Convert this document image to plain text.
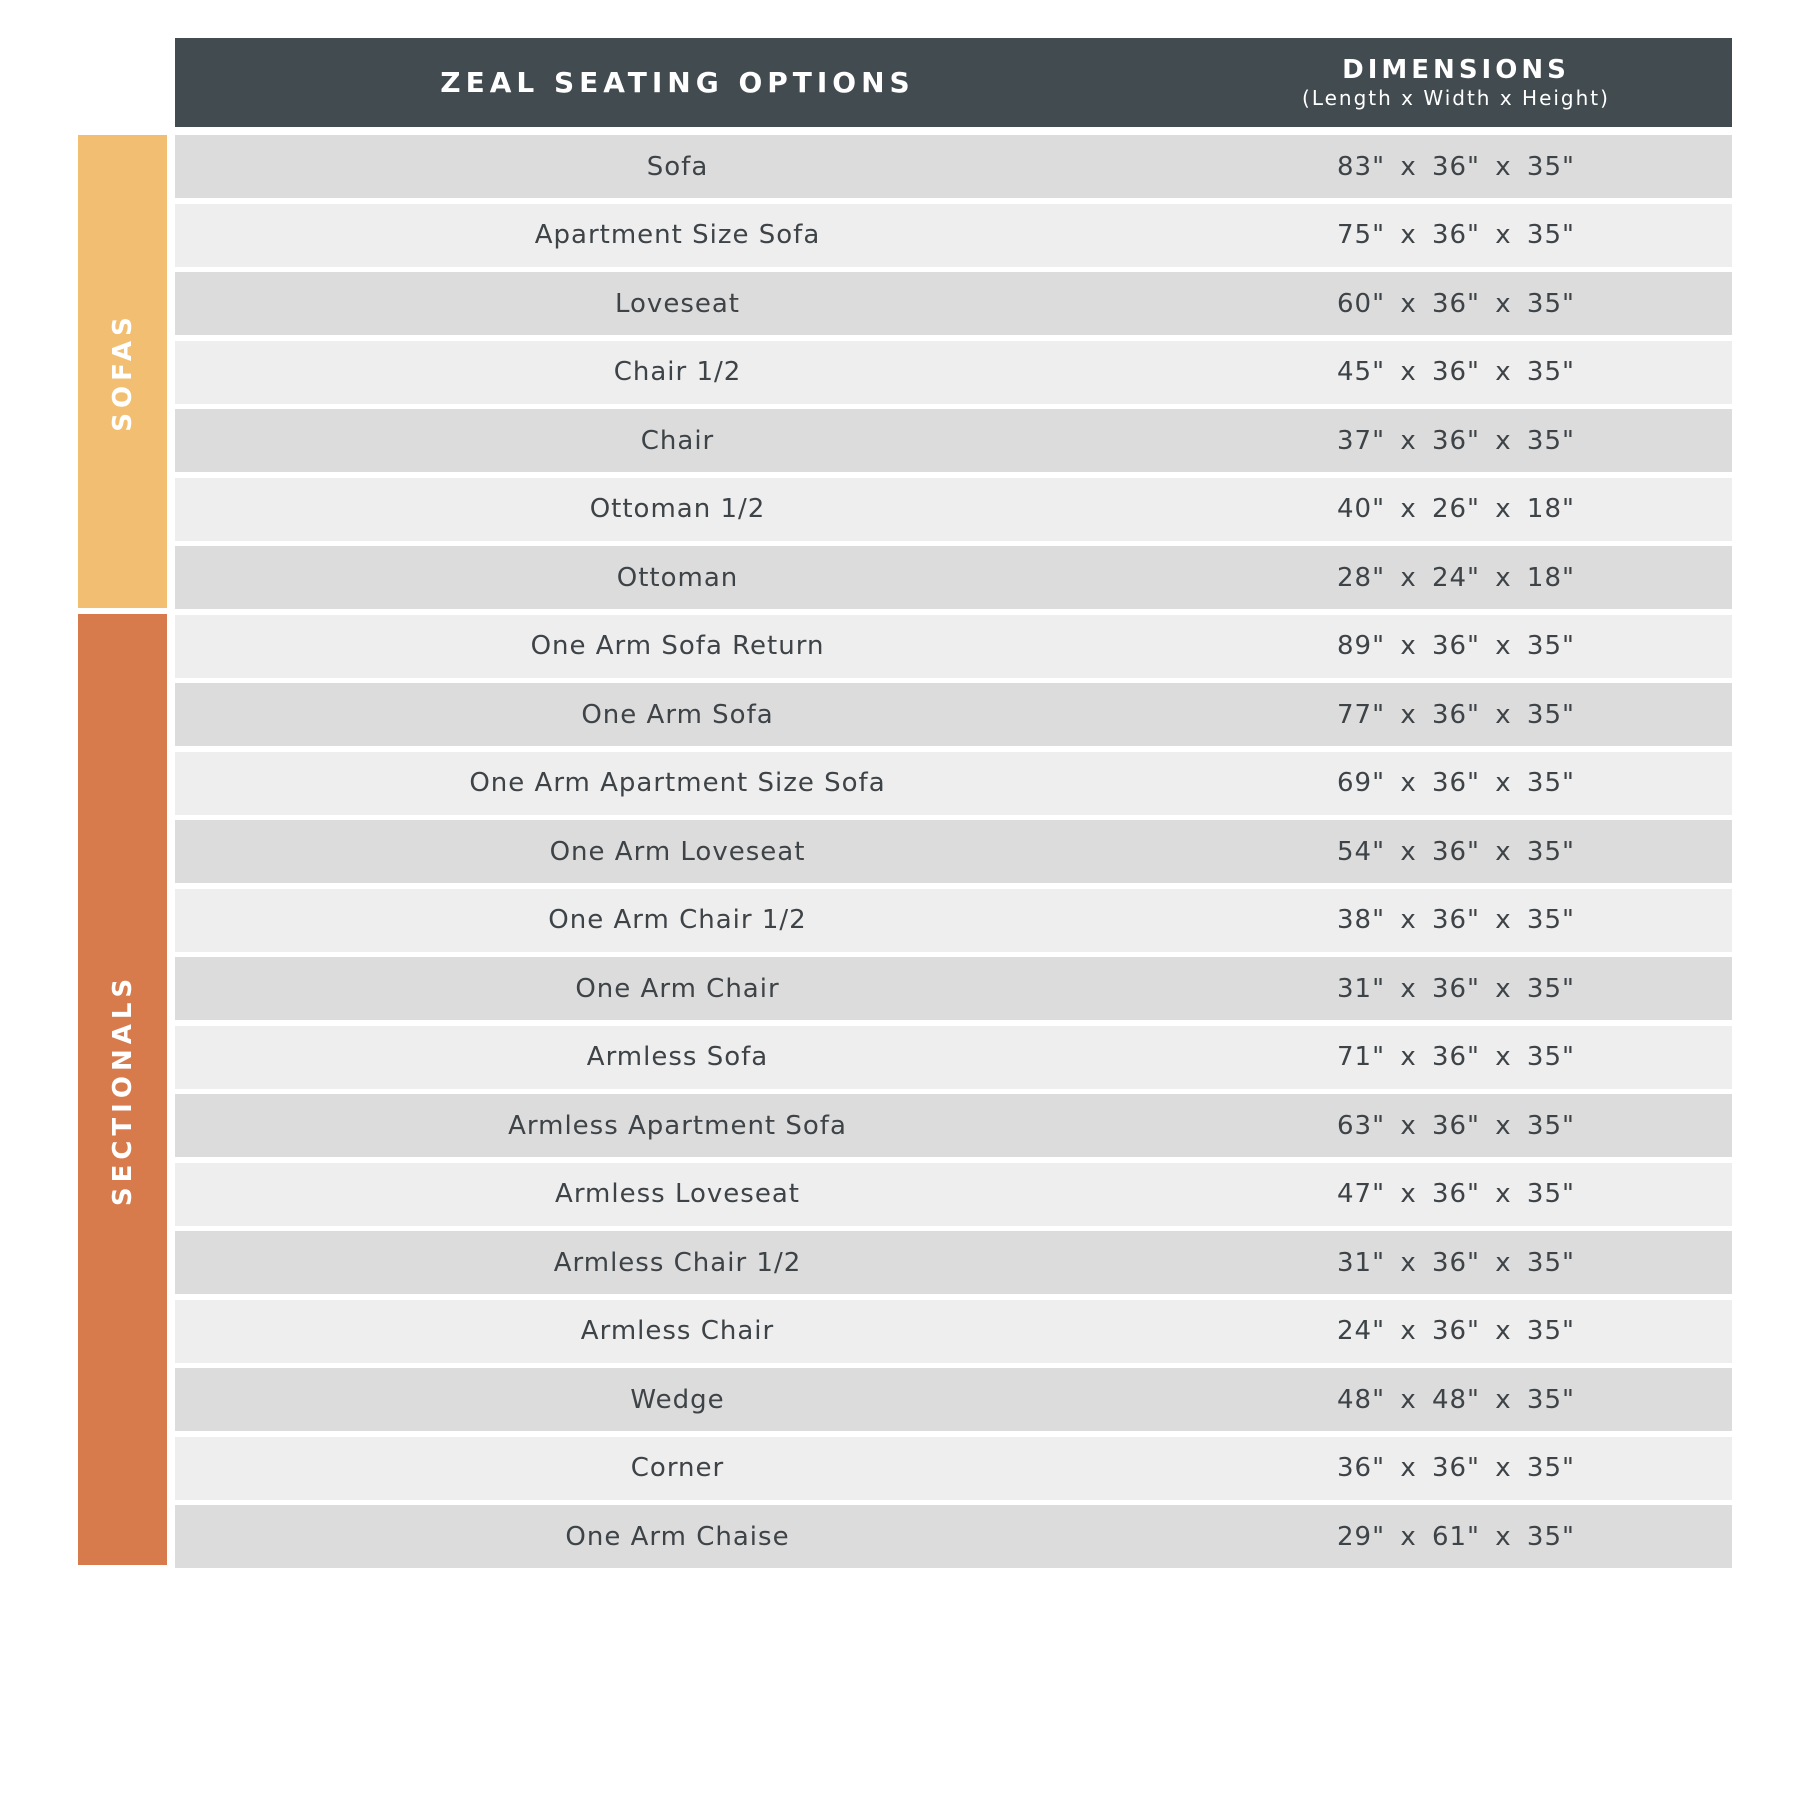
ZEAL SEATING OPTIONS	DIMENSIONS
(Length x Width x Height)
SOFAS
SECTIONALS
Sofa	83" x 36" x 35"
Apartment Size Sofa	75" x 36" x 35"
Loveseat	60" x 36" x 35"
Chair 1/2	45" x 36" x 35"
Chair	37" x 36" x 35"
Ottoman 1/2	40" x 26" x 18"
Ottoman	28" x 24" x 18"
One Arm Sofa Return	89" x 36" x 35"
One Arm Sofa	77" x 36" x 35"
One Arm Apartment Size Sofa	69" x 36" x 35"
One Arm Loveseat	54" x 36" x 35"
One Arm Chair 1/2	38" x 36" x 35"
One Arm Chair	31" x 36" x 35"
Armless Sofa	71" x 36" x 35"
Armless Apartment Sofa	63" x 36" x 35"
Armless Loveseat	47" x 36" x 35"
Armless Chair 1/2	31" x 36" x 35"
Armless Chair	24" x 36" x 35"
Wedge	48" x 48" x 35"
Corner	36" x 36" x 35"
One Arm Chaise	29" x 61" x 35"
